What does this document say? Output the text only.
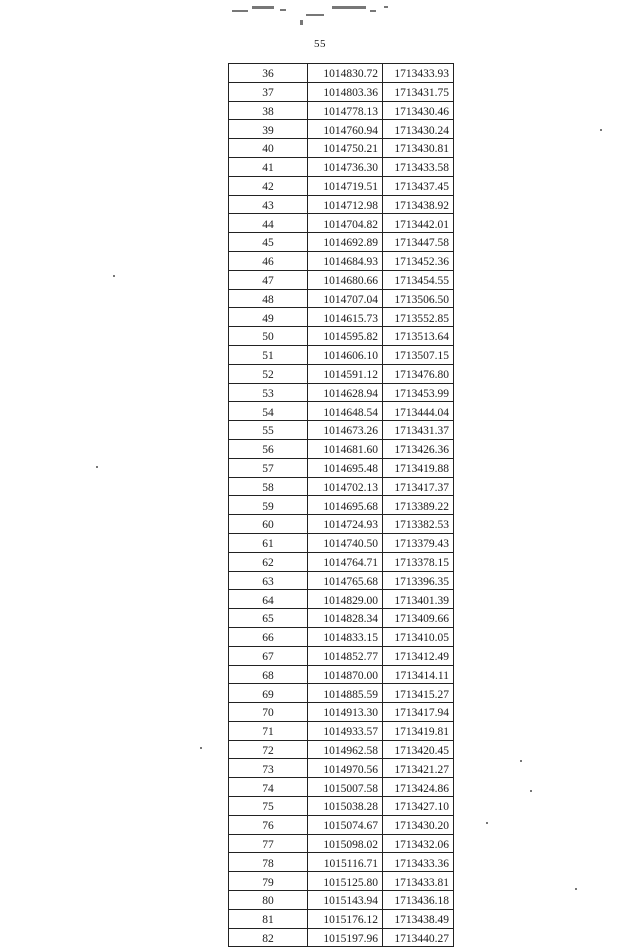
55
36	1014830.72	1713433.93
37	1014803.36	1713431.75
38	1014778.13	1713430.46
39	1014760.94	1713430.24
40	1014750.21	1713430.81
41	1014736.30	1713433.58
42	1014719.51	1713437.45
43	1014712.98	1713438.92
44	1014704.82	1713442.01
45	1014692.89	1713447.58
46	1014684.93	1713452.36
47	1014680.66	1713454.55
48	1014707.04	1713506.50
49	1014615.73	1713552.85
50	1014595.82	1713513.64
51	1014606.10	1713507.15
52	1014591.12	1713476.80
53	1014628.94	1713453.99
54	1014648.54	1713444.04
55	1014673.26	1713431.37
56	1014681.60	1713426.36
57	1014695.48	1713419.88
58	1014702.13	1713417.37
59	1014695.68	1713389.22
60	1014724.93	1713382.53
61	1014740.50	1713379.43
62	1014764.71	1713378.15
63	1014765.68	1713396.35
64	1014829.00	1713401.39
65	1014828.34	1713409.66
66	1014833.15	1713410.05
67	1014852.77	1713412.49
68	1014870.00	1713414.11
69	1014885.59	1713415.27
70	1014913.30	1713417.94
71	1014933.57	1713419.81
72	1014962.58	1713420.45
73	1014970.56	1713421.27
74	1015007.58	1713424.86
75	1015038.28	1713427.10
76	1015074.67	1713430.20
77	1015098.02	1713432.06
78	1015116.71	1713433.36
79	1015125.80	1713433.81
80	1015143.94	1713436.18
81	1015176.12	1713438.49
82	1015197.96	1713440.27
